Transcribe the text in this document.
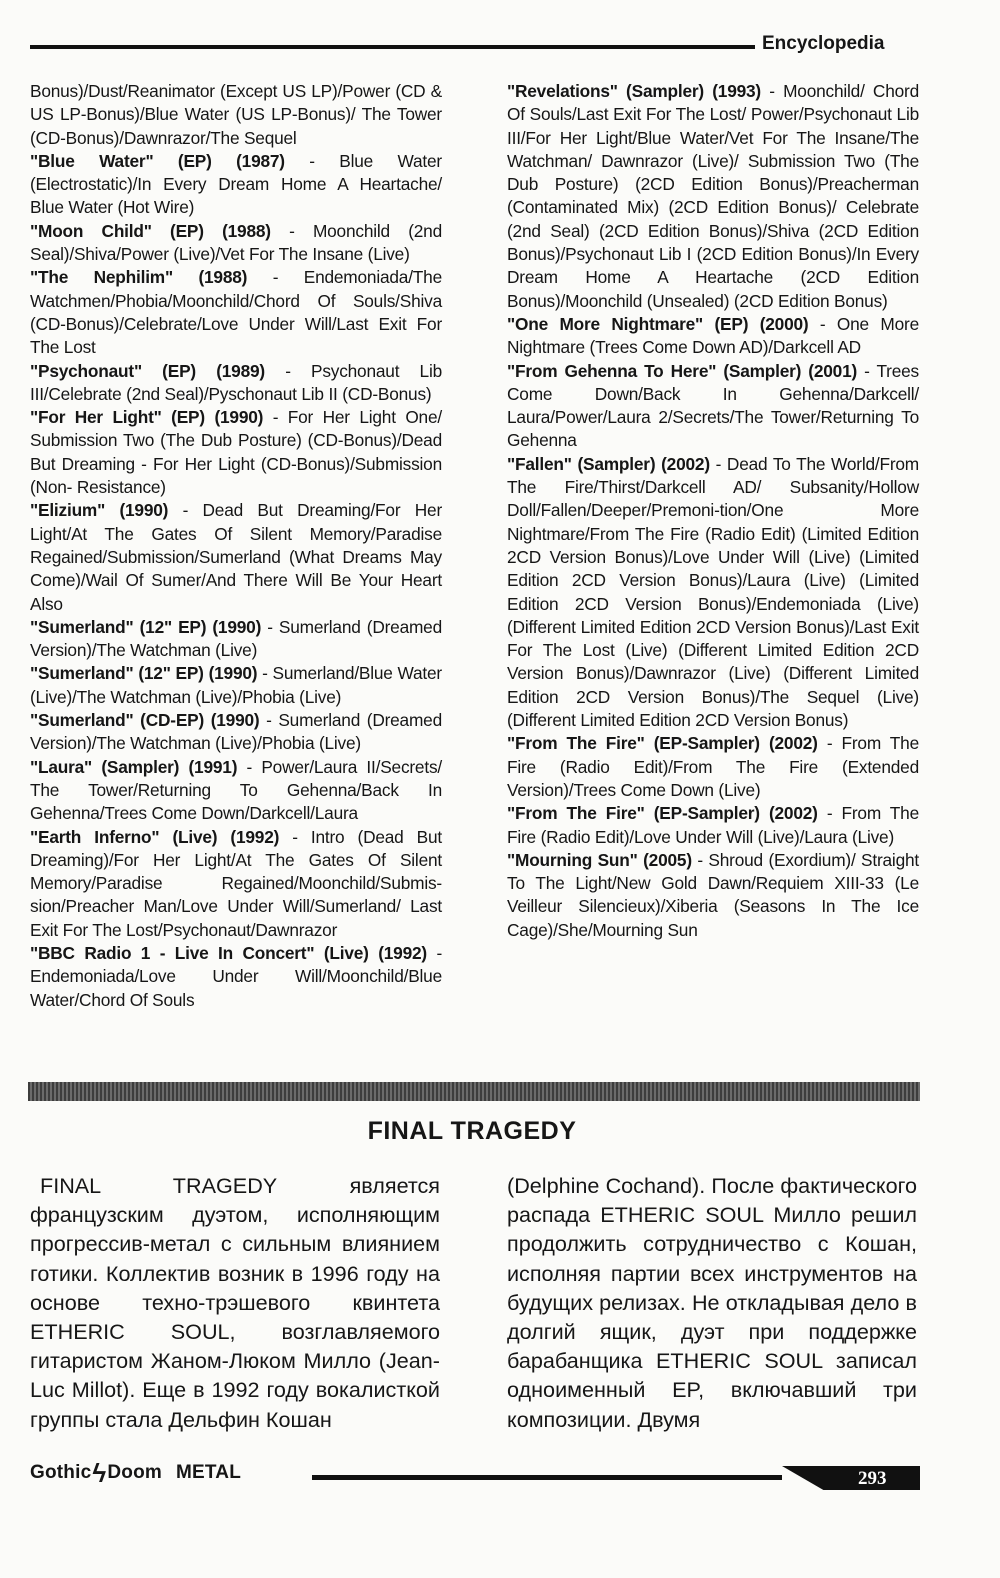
Encyclopedia

Bonus)/Dust/Reanimator (Except US LP)/Power (CD & US LP-Bonus)/Blue Water (US LP-Bonus)/ The Tower (CD-Bonus)/Dawnrazor/The Sequel

"Blue Water" (EP) (1987) - Blue Water (Electrostatic)/In Every Dream Home A Heartache/ Blue Water (Hot Wire)

"Moon Child" (EP) (1988) - Moonchild (2nd Seal)/Shiva/Power (Live)/Vet For The Insane (Live)

"The Nephilim" (1988) - Endemoniada/The Watchmen/Phobia/Moonchild/Chord Of Souls/Shiva (CD-Bonus)/Celebrate/Love Under Will/Last Exit For The Lost

"Psychonaut" (EP) (1989) - Psychonaut Lib III/Celebrate (2nd Seal)/Pyschonaut Lib II (CD-Bonus)

"For Her Light" (EP) (1990) - For Her Light One/ Submission Two (The Dub Posture) (CD-Bonus)/Dead But Dreaming - For Her Light (CD-Bonus)/Submission (Non- Resistance)

"Elizium" (1990) - Dead But Dreaming/For Her Light/At The Gates Of Silent Memory/Paradise Regained/Submission/Sumerland (What Dreams May Come)/Wail Of Sumer/And There Will Be Your Heart Also

"Sumerland" (12" EP) (1990) - Sumerland (Dreamed Version)/The Watchman (Live)

"Sumerland" (12" EP) (1990) - Sumerland/Blue Water (Live)/The Watchman (Live)/Phobia (Live)

"Sumerland" (CD-EP) (1990) - Sumerland (Dreamed Version)/The Watchman (Live)/Phobia (Live)

"Laura" (Sampler) (1991) - Power/Laura II/Secrets/ The Tower/Returning To Gehenna/Back In Gehenna/Trees Come Down/Darkcell/Laura

"Earth Inferno" (Live) (1992) - Intro (Dead But Dreaming)/For Her Light/At The Gates Of Silent Memory/Paradise Regained/Moonchild/Submis-sion/Preacher Man/Love Under Will/Sumerland/ Last Exit For The Lost/Psychonaut/Dawnrazor

"BBC Radio 1 - Live In Concert" (Live) (1992) - Endemoniada/Love Under Will/Moonchild/Blue Water/Chord Of Souls

"Revelations" (Sampler) (1993) - Moonchild/ Chord Of Souls/Last Exit For The Lost/ Power/Psychonaut Lib III/For Her Light/Blue Water/Vet For The Insane/The Watchman/ Dawnrazor (Live)/ Submission Two (The Dub Posture) (2CD Edition Bonus)/Preacherman (Contaminated Mix) (2CD Edition Bonus)/ Celebrate (2nd Seal) (2CD Edition Bonus)/Shiva (2CD Edition Bonus)/Psychonaut Lib I (2CD Edition Bonus)/In Every Dream Home A Heartache (2CD Edition Bonus)/Moonchild (Unsealed) (2CD Edition Bonus)

"One More Nightmare" (EP) (2000) - One More Nightmare (Trees Come Down AD)/Darkcell AD

"From Gehenna To Here" (Sampler) (2001) - Trees Come Down/Back In Gehenna/Darkcell/ Laura/Power/Laura 2/Secrets/The Tower/Returning To Gehenna

"Fallen" (Sampler) (2002) - Dead To The World/From The Fire/Thirst/Darkcell AD/ Subsanity/Hollow Doll/Fallen/Deeper/Premoni-tion/One More Nightmare/From The Fire (Radio Edit) (Limited Edition 2CD Version Bonus)/Love Under Will (Live) (Limited Edition 2CD Version Bonus)/Laura (Live) (Limited Edition 2CD Version Bonus)/Endemoniada (Live) (Different Limited Edition 2CD Version Bonus)/Last Exit For The Lost (Live) (Different Limited Edition 2CD Version Bonus)/Dawnrazor (Live) (Different Limited Edition 2CD Version Bonus)/The Sequel (Live) (Different Limited Edition 2CD Version Bonus)

"From The Fire" (EP-Sampler) (2002) - From The Fire (Radio Edit)/From The Fire (Extended Version)/Trees Come Down (Live)

"From The Fire" (EP-Sampler) (2002) - From The Fire (Radio Edit)/Love Under Will (Live)/Laura (Live)

"Mourning Sun" (2005) - Shroud (Exordium)/ Straight To The Light/New Gold Dawn/Requiem XIII-33 (Le Veilleur Silencieux)/Xiberia (Seasons In The Ice Cage)/She/Mourning Sun

FINAL TRAGEDY

FINAL TRAGEDY является французским дуэтом, исполняющим прогрессив-метал с сильным влиянием готики. Коллектив возник в 1996 году на основе техно-трэшевого квинтета ETHERIC SOUL, возглавляемого гитаристом Жаном-Люком Милло (Jean-Luc Millot). Еще в 1992 году вокалисткой группы стала Дельфин Кошан

(Delphine Cochand). После фактического распада ETHERIC SOUL Милло решил продолжить сотрудничество с Кошан, исполняя партии всех инструментов на будущих релизах. Не откладывая дело в долгий ящик, дуэт при поддержке барабанщика ETHERIC SOUL записал одноименный EP, включавший три композиции. Двумя

GothicϟDoom METAL	293
